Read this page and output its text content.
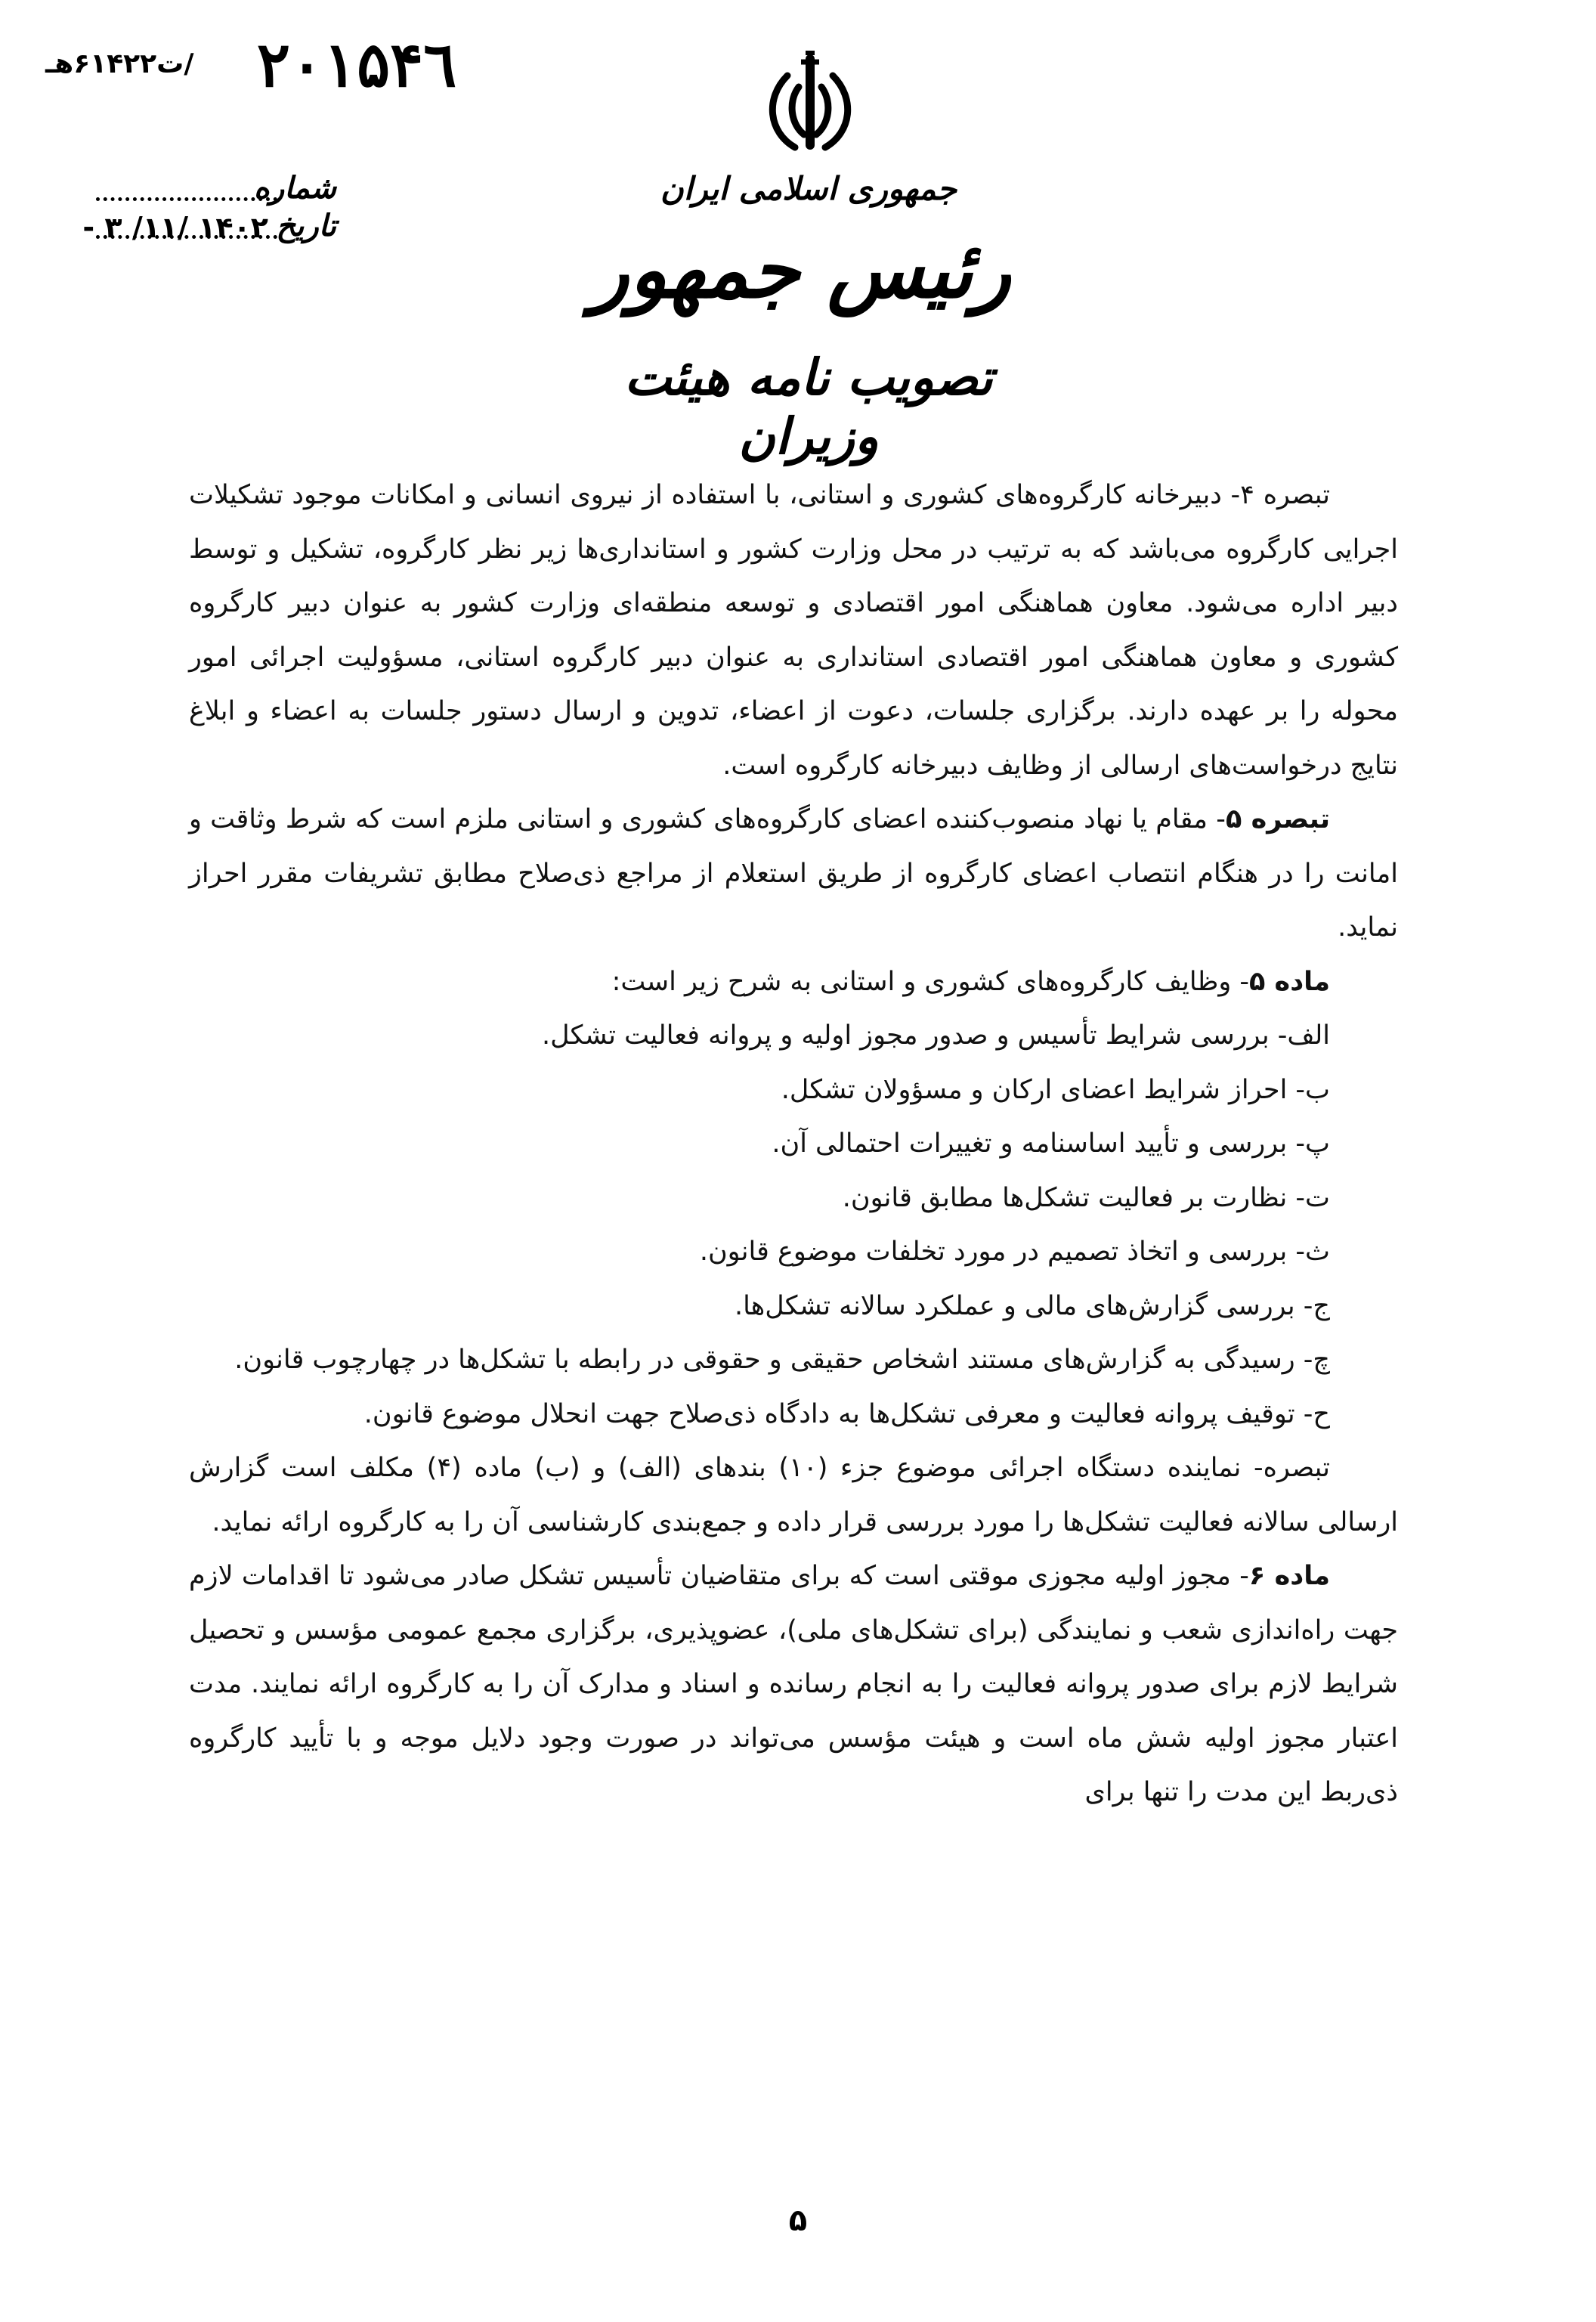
۲۰۱۵۴٦
/ت۶۱۴۲۲هـ
شماره
تاریخ
۱۴۰۲ /۱۱/ ۳ -
جمهوری اسلامی ایران
رئیس جمهور
تصویب نامه هیئت وزیران

تبصره ۴- دبیرخانه کارگروه‌های کشوری و استانی، با استفاده از نیروی انسانی و امکانات موجود تشکیلات اجرایی کارگروه می‌باشد که به ترتیب در محل وزارت کشور و استانداری‌ها زیر نظر کارگروه، تشکیل و توسط دبیر اداره می‌شود. معاون هماهنگی امور اقتصادی و توسعه منطقه‌ای وزارت کشور به عنوان دبیر کارگروه کشوری و معاون هماهنگی امور اقتصادی استانداری به عنوان دبیر کارگروه استانی، مسؤولیت اجرائی امور محوله را بر عهده دارند. برگزاری جلسات، دعوت از اعضاء، تدوین و ارسال دستور جلسات به اعضاء و ابلاغ نتایج درخواست‌های ارسالی از وظایف دبیرخانه کارگروه است.

تبصره ۵- مقام یا نهاد منصوب‌کننده اعضای کارگروه‌های کشوری و استانی ملزم است که شرط وثاقت و امانت را در هنگام انتصاب اعضای کارگروه از طریق استعلام از مراجع ذی‌صلاح مطابق تشریفات مقرر احراز نماید.

ماده ۵- وظایف کارگروه‌های کشوری و استانی به شرح زیر است:

الف- بررسی شرایط تأسیس و صدور مجوز اولیه و پروانه فعالیت تشکل.

ب- احراز شرایط اعضای ارکان و مسؤولان تشکل.

پ- بررسی و تأیید اساسنامه و تغییرات احتمالی آن.

ت- نظارت بر فعالیت تشکل‌ها مطابق قانون.

ث- بررسی و اتخاذ تصمیم در مورد تخلفات موضوع قانون.

ج- بررسی گزارش‌های مالی و عملکرد سالانه تشکل‌ها.

چ- رسیدگی به گزارش‌های مستند اشخاص حقیقی و حقوقی در رابطه با تشکل‌ها در چهارچوب قانون.

ح- توقیف پروانه فعالیت و معرفی تشکل‌ها به دادگاه ذی‌صلاح جهت انحلال موضوع قانون.

تبصره- نماینده دستگاه اجرائی موضوع جزء (۱۰) بندهای (الف) و (ب) ماده (۴) مکلف است گزارش ارسالی سالانه فعالیت تشکل‌ها را مورد بررسی قرار داده و جمع‌بندی کارشناسی آن را به کارگروه ارائه نماید.

ماده ۶- مجوز اولیه مجوزی موقتی است که برای متقاضیان تأسیس تشکل صادر می‌شود تا اقدامات لازم جهت راه‌اندازی شعب و نمایندگی (برای تشکل‌های ملی)، عضوپذیری، برگزاری مجمع عمومی مؤسس و تحصیل شرایط لازم برای صدور پروانه فعالیت را به انجام رسانده و اسناد و مدارک آن را به کارگروه ارائه نمایند. مدت اعتبار مجوز اولیه شش ماه است و هیئت مؤسس می‌تواند در صورت وجود دلایل موجه و با تأیید کارگروه ذی‌ربط این مدت را تنها برای

۵
